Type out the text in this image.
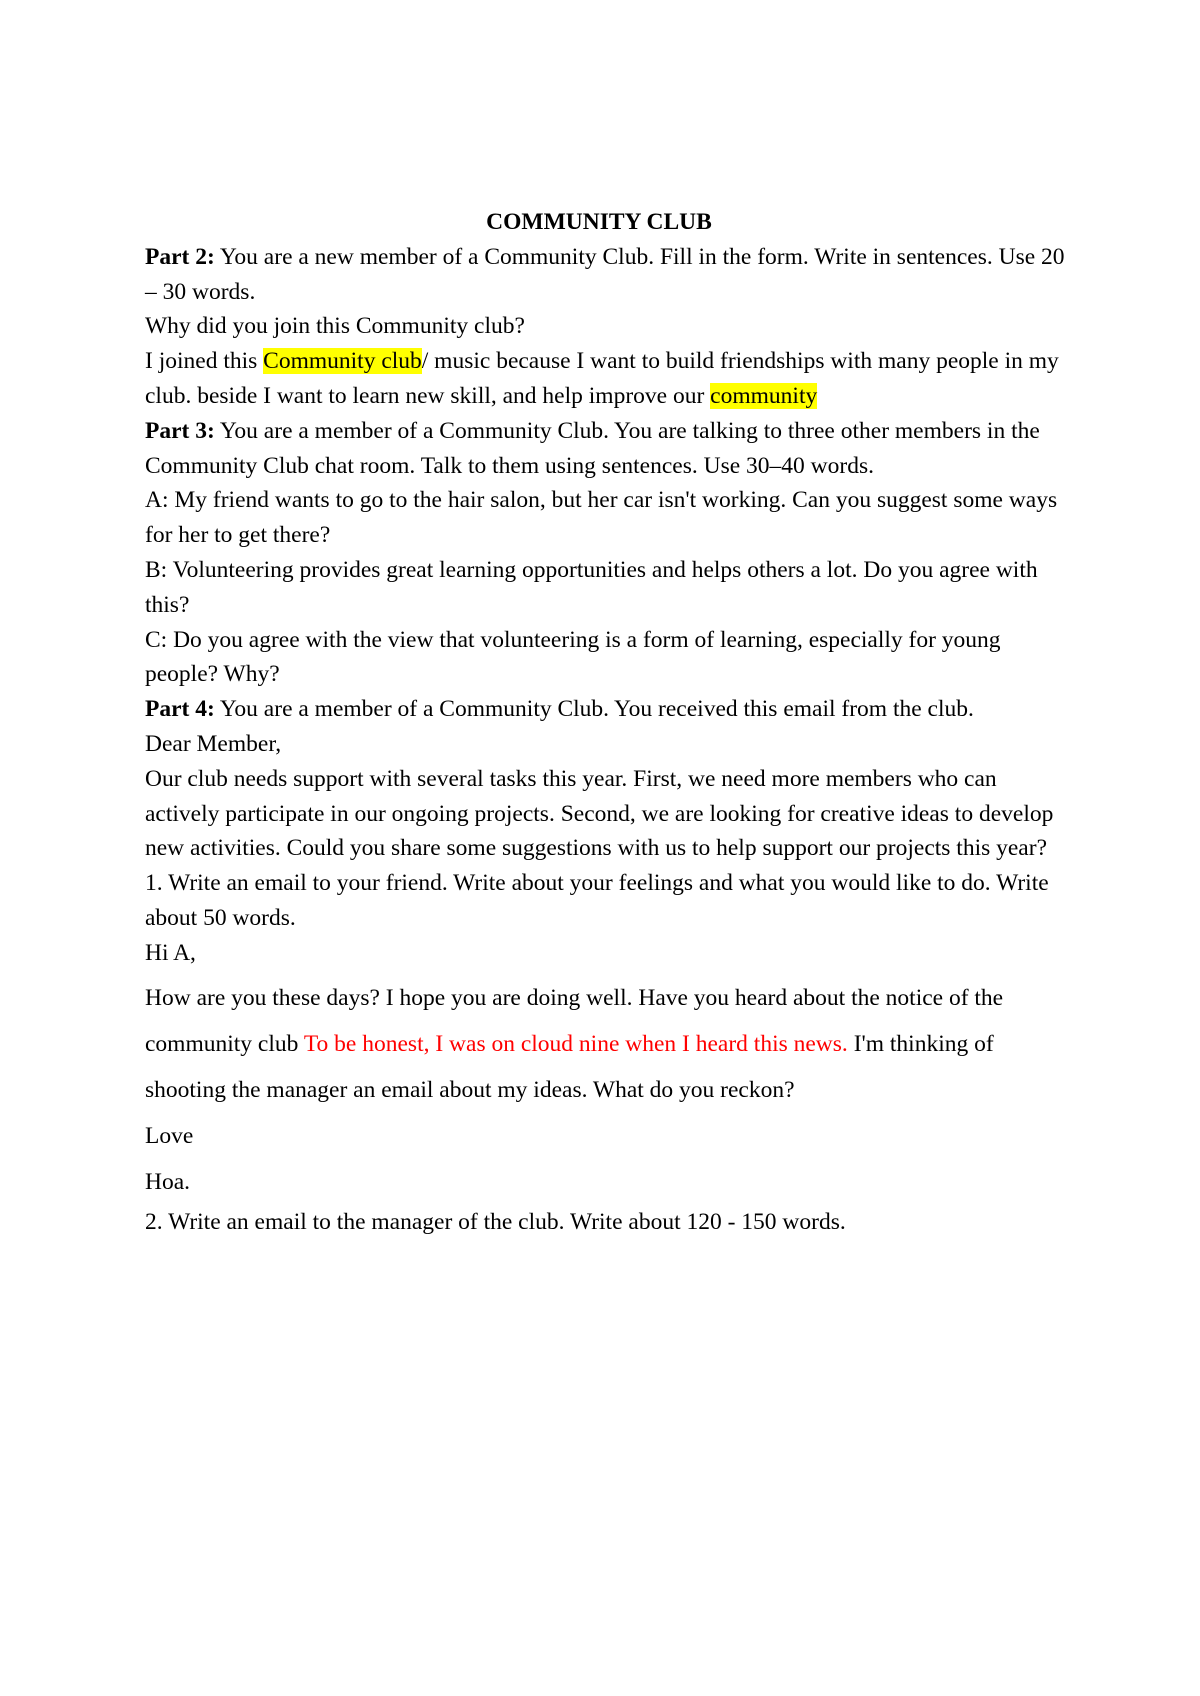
COMMUNITY CLUB

Part 2: You are a new member of a Community Club. Fill in the form. Write in sentences. Use 20 – 30 words.

Why did you join this Community club?

I joined this Community club/ music because I want to build friendships with many people in my club. beside I want to learn new skill, and help improve our community

Part 3: You are a member of a Community Club. You are talking to three other members in the Community Club chat room. Talk to them using sentences. Use 30–40 words.

A: My friend wants to go to the hair salon, but her car isn't working. Can you suggest some ways for her to get there?

B: Volunteering provides great learning opportunities and helps others a lot. Do you agree with this?

C: Do you agree with the view that volunteering is a form of learning, especially for young people? Why?

Part 4: You are a member of a Community Club. You received this email from the club.

Dear Member,

Our club needs support with several tasks this year. First, we need more members who can actively participate in our ongoing projects. Second, we are looking for creative ideas to develop new activities. Could you share some suggestions with us to help support our projects this year?

1. Write an email to your friend. Write about your feelings and what you would like to do. Write about 50 words.

Hi A,

How are you these days? I hope you are doing well. Have you heard about the notice of the community club To be honest, I was on cloud nine when I heard this news. I'm thinking of shooting the manager an email about my ideas. What do you reckon?

Love

Hoa.

2. Write an email to the manager of the club. Write about 120 - 150 words.
